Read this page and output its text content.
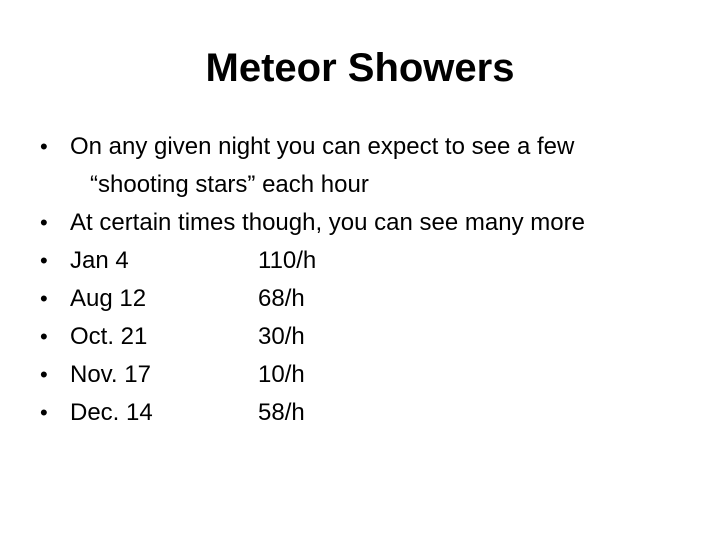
Meteor Showers
• On any given night you can expect to see a few
“shooting stars” each hour
• At certain times though, you can see many more
• Jan 4	110/h
• Aug 12	68/h
• Oct. 21	30/h
• Nov. 17	10/h
• Dec. 14	58/h
